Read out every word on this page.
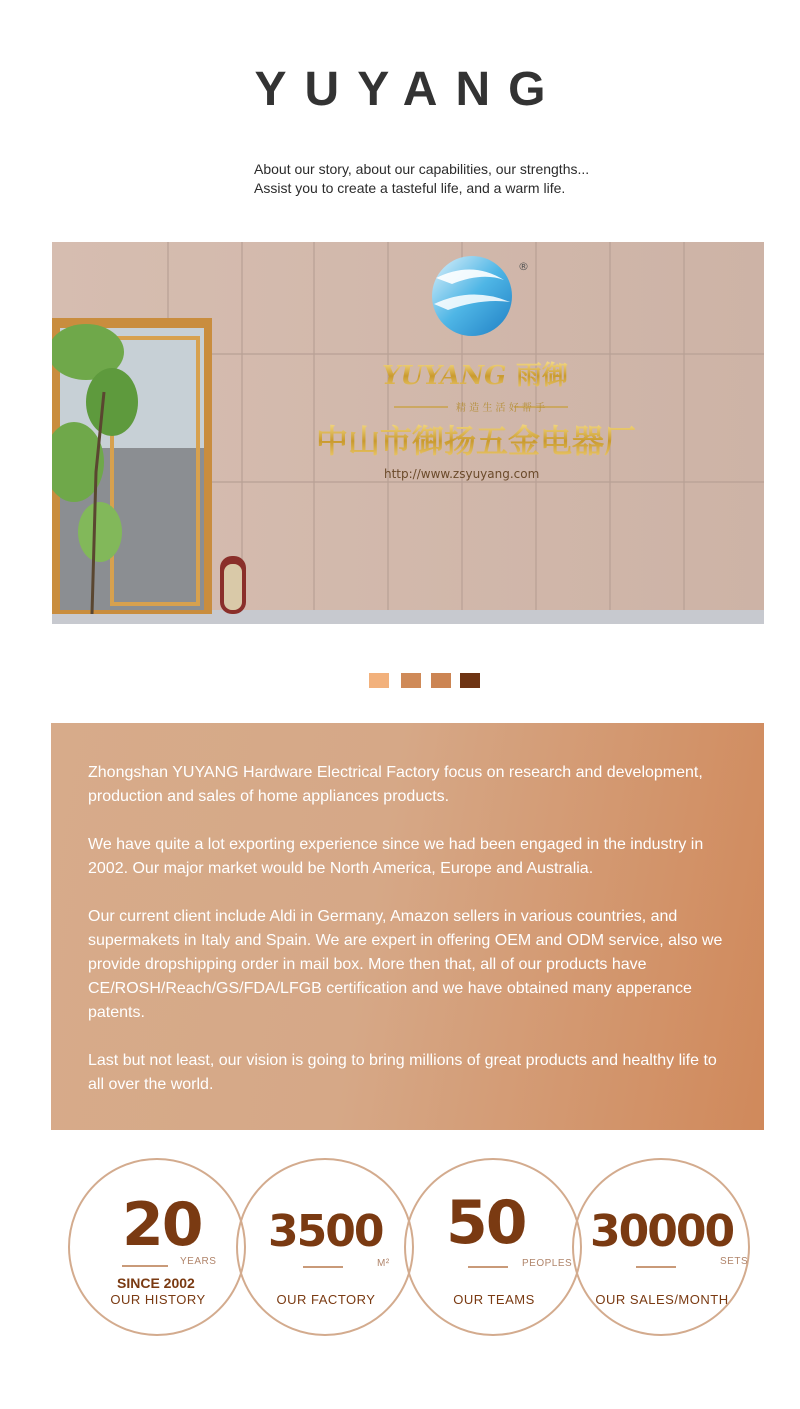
YUYANG
About our story, about our capabilities, our strengths...
Assist you to create a tasteful life, and a warm life.
®
YUYANG 雨御
精 造 生 活 好 帮 手
中山市御扬五金电器厂
http://www.zsyuyang.com

Zhongshan YUYANG Hardware Electrical Factory focus on research and development, production and sales of home appliances products.

We have quite a lot exporting experience since we had been engaged in the industry in 2002. Our major market would be North America, Europe and Australia.

Our current client include Aldi in Germany, Amazon sellers in various countries, and supermakets in Italy and Spain. We are expert in offering OEM and ODM service, also we provide dropshipping order in mail box. More then that, all of our products have CE/ROSH/Reach/GS/FDA/LFGB certification and we have obtained many apperance patents.

Last but not least, our vision is going to bring millions of great products and healthy life to all over the world.

20
YEARS
SINCE 2002
OUR HISTORY
3500
M²
OUR FACTORY
50
PEOPLES
OUR TEAMS
30000
SETS
OUR SALES/MONTH
